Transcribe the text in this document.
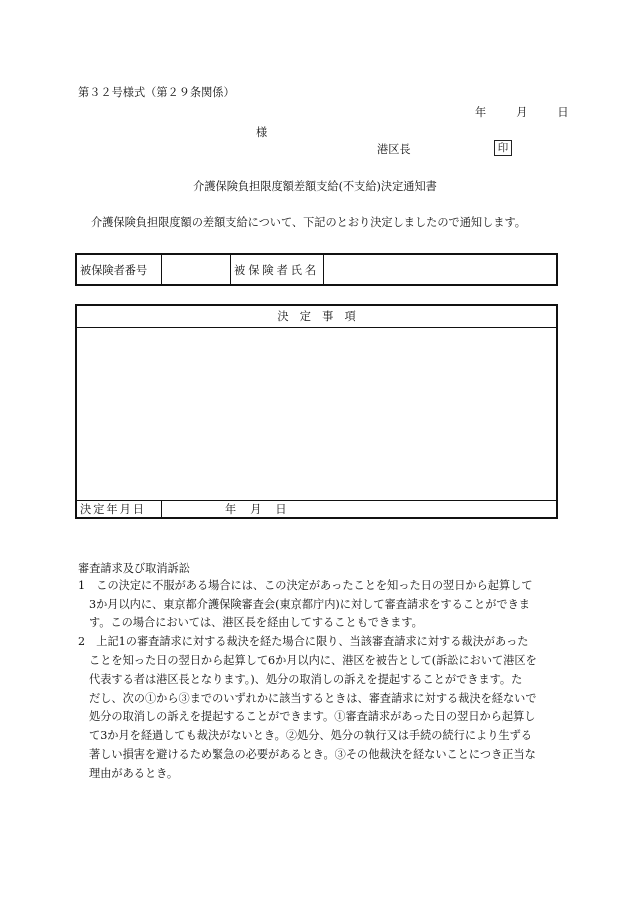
第３２号様式（第２９条関係）
年	月	日
様
港区長	印
介護保険負担限度額差額支給(不支給)決定通知書
介護保険負担限度額の差額支給について、下記のとおり決定しましたので通知します。
被保険者番号		被保険者氏名	
決　定　事　項

決定年月日	年 月 日
審査請求及び取消訴訟
1　この決定に不服がある場合には、この決定があったことを知った日の翌日から起算して
3か月以内に、東京都介護保険審査会(東京都庁内)に対して審査請求をすることができま
す。この場合においては、港区長を経由してすることもできます。
2　上記1の審査請求に対する裁決を経た場合に限り、当該審査請求に対する裁決があった
ことを知った日の翌日から起算して6か月以内に、港区を被告として(訴訟において港区を
代表する者は港区長となります。)、処分の取消しの訴えを提起することができます。た
だし、次の①から③までのいずれかに該当するときは、審査請求に対する裁決を経ないで
処分の取消しの訴えを提起することができます。①審査請求があった日の翌日から起算し
て3か月を経過しても裁決がないとき。②処分、処分の執行又は手続の続行により生ずる
著しい損害を避けるため緊急の必要があるとき。③その他裁決を経ないことにつき正当な
理由があるとき。
